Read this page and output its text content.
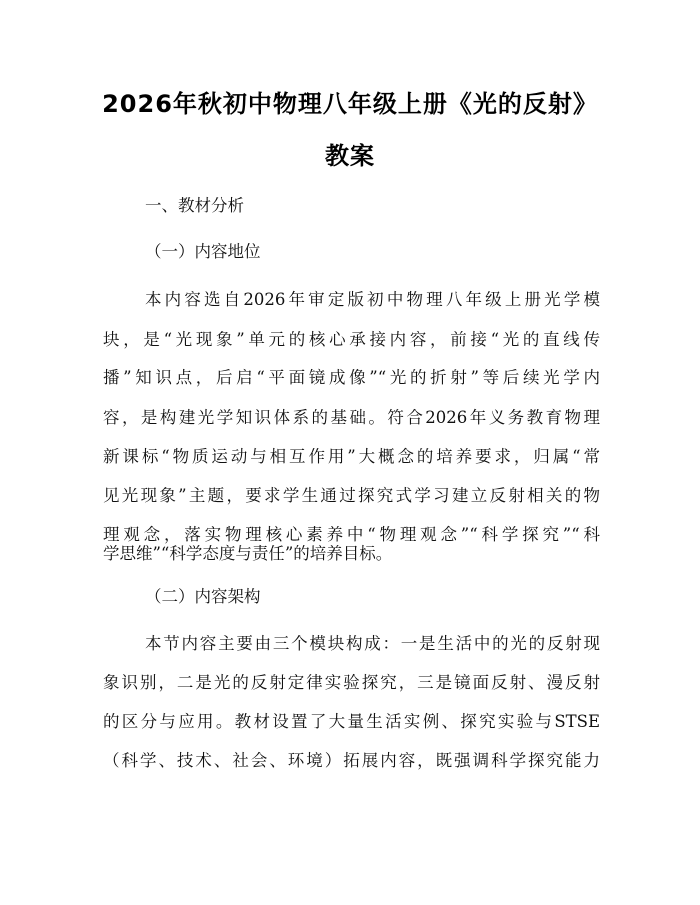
2026年秋初中物理八年级上册《光的反射》
教案
一、教材分析
（一）内容地位
本内容选自2026年审定版初中物理八年级上册光学模
块，是“光现象”单元的核心承接内容，前接“光的直线传
播”知识点，后启“平面镜成像”“光的折射”等后续光学内
容，是构建光学知识体系的基础。符合2026年义务教育物理
新课标“物质运动与相互作用”大概念的培养要求，归属“常
见光现象”主题，要求学生通过探究式学习建立反射相关的物
理观念，落实物理核心素养中“物理观念”“科学探究”“科
学思维”“科学态度与责任”的培养目标。
（二）内容架构
本节内容主要由三个模块构成：一是生活中的光的反射现
象识别，二是光的反射定律实验探究，三是镜面反射、漫反射
的区分与应用。教材设置了大量生活实例、探究实验与STSE
（科学、技术、社会、环境）拓展内容，既强调科学探究能力
